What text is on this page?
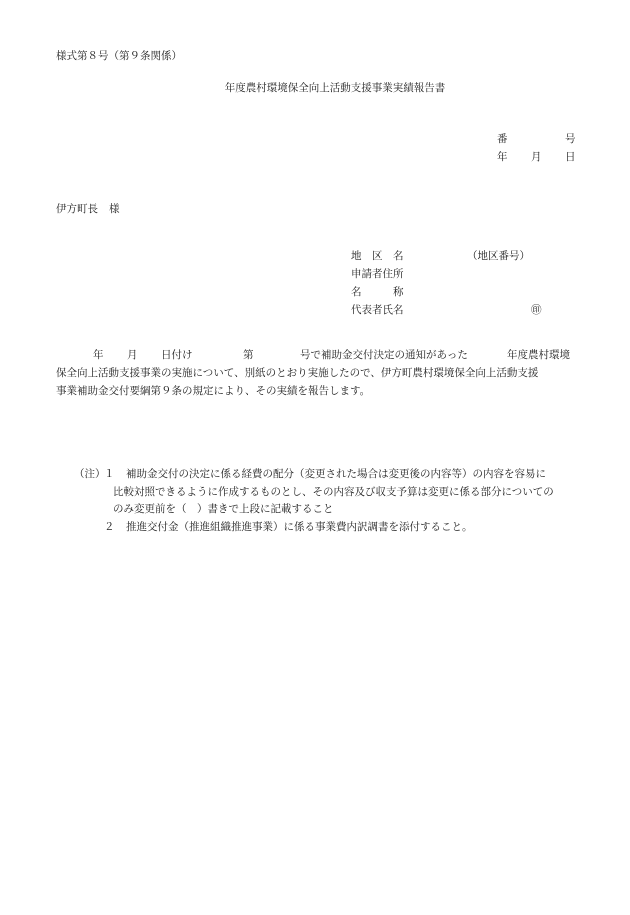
様式第８号（第９条関係）
年度農村環境保全向上活動支援事業実績報告書
番	号
年 月 日
伊方町長 様
地　区　名	（地区番号）
申請者住所
名　　　称
代表者氏名	㊞
年 月 日付け	第	号で補助金交付決定の通知があった	年度農村環境
保全向上活動支援事業の実施について、別紙のとおり実施したので、伊方町農村環境保全向上活動支援
事業補助金交付要綱第９条の規定により、その実績を報告します。
（注）
１ 補助金交付の決定に係る経費の配分（変更された場合は変更後の内容等）の内容を容易に
比較対照できるように作成するものとし、その内容及び収支予算は変更に係る部分についての
のみ変更前を（　）書きで上段に記載すること
２ 推進交付金（推進組織推進事業）に係る事業費内訳調書を添付すること。
